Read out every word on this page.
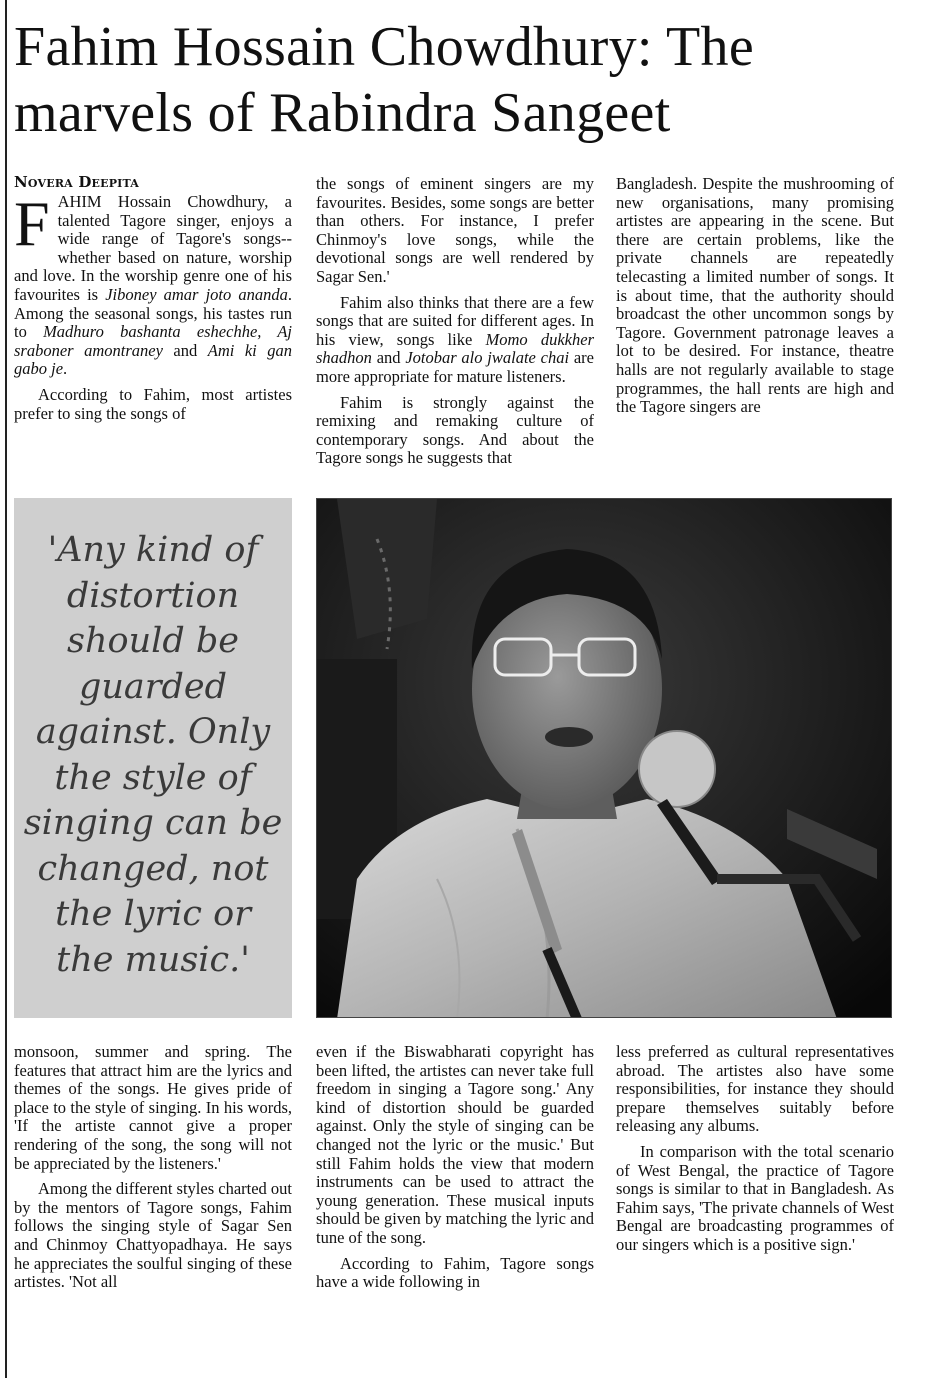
Fahim Hossain Chowdhury: The marvels of Rabindra Sangeet
Novera Deepita

FAHIM Hossain Chowdhury, a talented Tagore singer, enjoys a wide range of Tagore's songs--whether based on nature, worship and love. In the worship genre one of his favourites is Jiboney amar joto ananda. Among the seasonal songs, his tastes run to Madhuro bashanta eshechhe, Aj sraboner amontraney and Ami ki gan gabo je.

According to Fahim, most artistes prefer to sing the songs of

the songs of eminent singers are my favourites. Besides, some songs are better than others. For instance, I prefer Chinmoy's love songs, while the devotional songs are well rendered by Sagar Sen.'

Fahim also thinks that there are a few songs that are suited for different ages. In his view, songs like Momo dukkher shadhon and Jotobar alo jwalate chai are more appropriate for mature listeners.

Fahim is strongly against the remixing and remaking culture of contemporary songs. And about the Tagore songs he suggests that

Bangladesh. Despite the mushrooming of new organisations, many promising artistes are appearing in the scene. But there are certain problems, like the private channels are repeatedly telecasting a limited number of songs. It is about time, that the authority should broadcast the other uncommon songs by Tagore. Government patronage leaves a lot to be desired. For instance, theatre halls are not regularly available to stage programmes, the hall rents are high and the Tagore singers are

'Any kind of distortion should be guarded against. Only the style of singing can be changed, not the lyric or the music.'

monsoon, summer and spring. The features that attract him are the lyrics and themes of the songs. He gives pride of place to the style of singing. In his words, 'If the artiste cannot give a proper rendering of the song, the song will not be appreciated by the listeners.'

Among the different styles charted out by the mentors of Tagore songs, Fahim follows the singing style of Sagar Sen and Chinmoy Chattyopadhaya. He says he appreciates the soulful singing of these artistes. 'Not all

even if the Biswabharati copyright has been lifted, the artistes can never take full freedom in singing a Tagore song.' Any kind of distortion should be guarded against. Only the style of singing can be changed not the lyric or the music.' But still Fahim holds the view that modern instruments can be used to attract the young generation. These musical inputs should be given by matching the lyric and tune of the song.

According to Fahim, Tagore songs have a wide following in

less preferred as cultural representatives abroad. The artistes also have some responsibilities, for instance they should prepare themselves suitably before releasing any albums.

In comparison with the total scenario of West Bengal, the practice of Tagore songs is similar to that in Bangladesh. As Fahim says, 'The private channels of West Bengal are broadcasting programmes of our singers which is a positive sign.'
